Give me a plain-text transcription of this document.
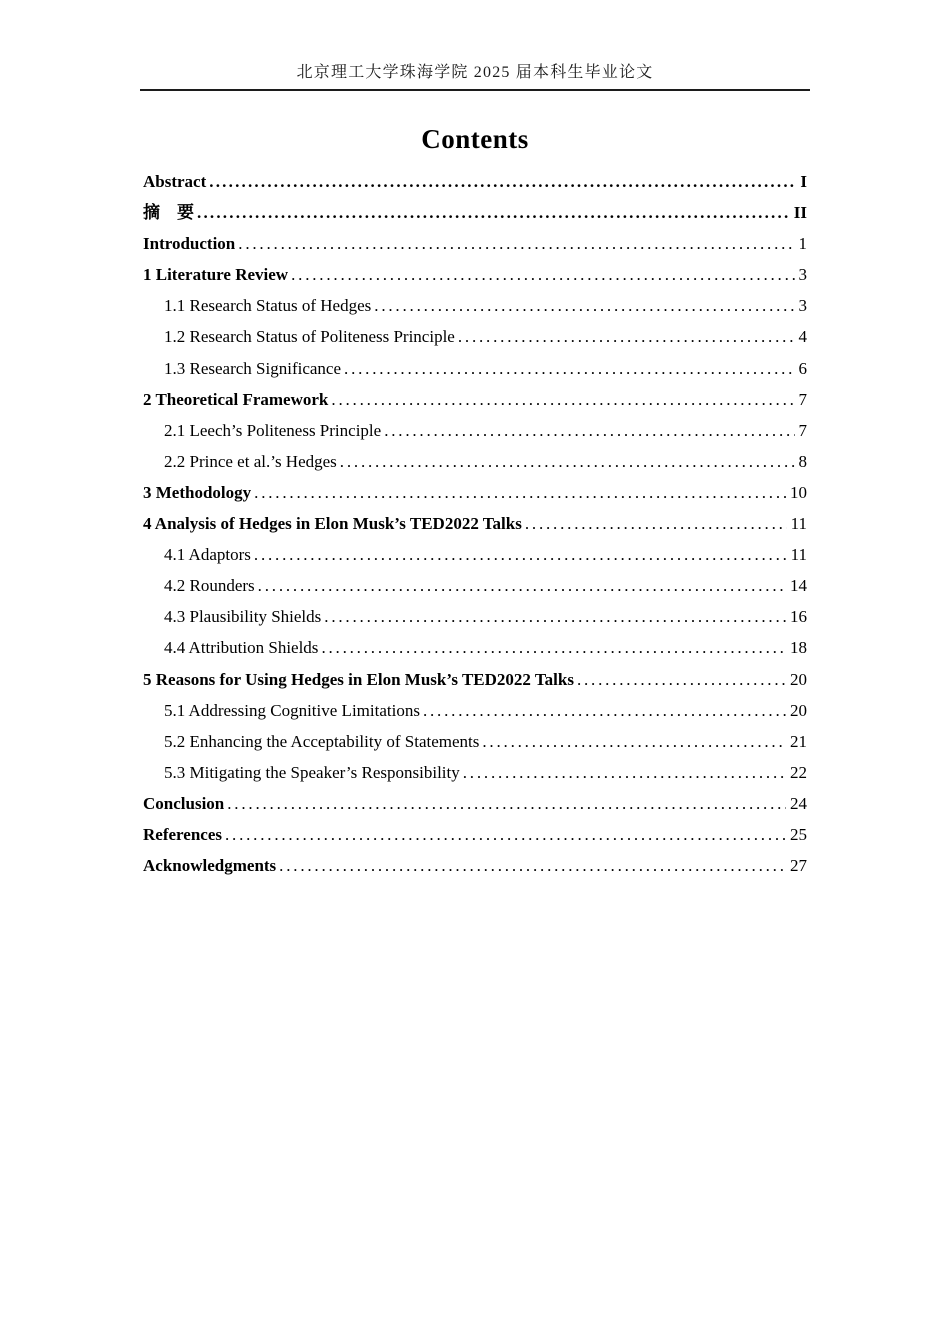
北京理工大学珠海学院 2025 届本科生毕业论文
Contents
Abstract .....	I
摘　要 .....	II
Introduction .....	1
1 Literature Review .....	3
1.1 Research Status of Hedges .....	3
1.2 Research Status of Politeness Principle .....	4
1.3 Research Significance .....	6
2 Theoretical Framework .....	7
2.1 Leech’s Politeness Principle .....	7
2.2 Prince et al.’s Hedges .....	8
3 Methodology .....	10
4 Analysis of Hedges in Elon Musk’s TED2022 Talks .....	11
4.1 Adaptors .....	11
4.2 Rounders .....	14
4.3 Plausibility Shields .....	16
4.4 Attribution Shields .....	18
5 Reasons for Using Hedges in Elon Musk’s TED2022 Talks .....	20
5.1 Addressing Cognitive Limitations .....	20
5.2 Enhancing the Acceptability of Statements .....	21
5.3 Mitigating the Speaker’s Responsibility .....	22
Conclusion .....	24
References .....	25
Acknowledgments .....	27
